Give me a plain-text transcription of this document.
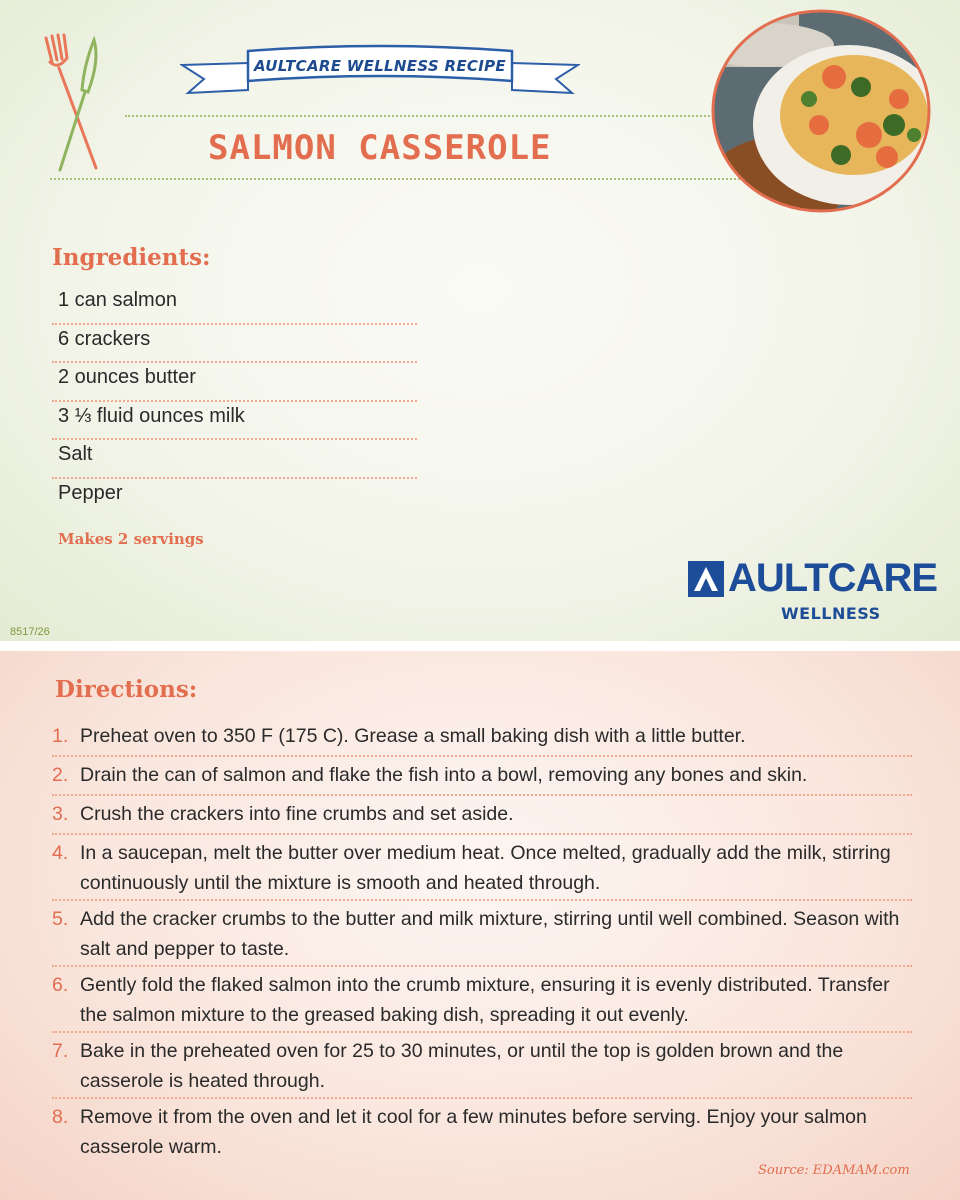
AULTCARE WELLNESS RECIPE
SALMON CASSEROLE
Ingredients:
1 can salmon
6 crackers
2 ounces butter
3 ⅓ fluid ounces milk
Salt
Pepper
Makes 2 servings
8517/26
AULTCARE
WELLNESS
Directions:
1. Preheat oven to 350 F (175 C). Grease a small baking dish with a little butter.
2. Drain the can of salmon and flake the fish into a bowl, removing any bones and skin.
3. Crush the crackers into fine crumbs and set aside.
4. In a saucepan, melt the butter over medium heat. Once melted, gradually add the milk, stirring continuously until the mixture is smooth and heated through.
5. Add the cracker crumbs to the butter and milk mixture, stirring until well combined. Season with salt and pepper to taste.
6. Gently fold the flaked salmon into the crumb mixture, ensuring it is evenly distributed. Transfer the salmon mixture to the greased baking dish, spreading it out evenly.
7. Bake in the preheated oven for 25 to 30 minutes, or until the top is golden brown and the casserole is heated through.
8. Remove it from the oven and let it cool for a few minutes before serving. Enjoy your salmon casserole warm.
Source: EDAMAM.com
